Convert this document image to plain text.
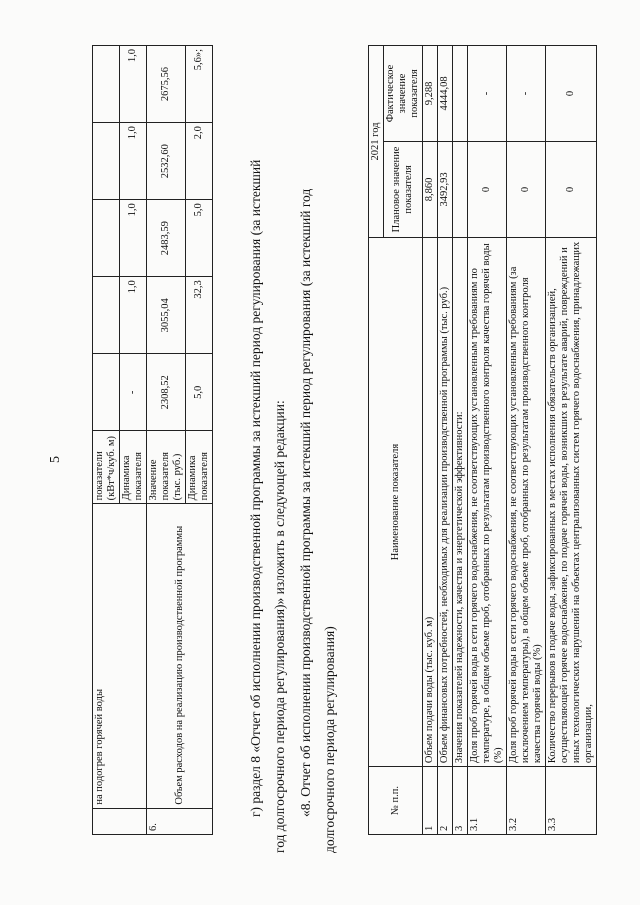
5
	на подогрев горячей воды	показатели (кВт*ч/куб. м)					
		Динамика показателя	-	1,0	1,0	1,0	1,0
6.	Объем расходов на реализацию производственной программы	Значение показателя (тыс. руб.)	2308,52	3055,04	2483,59	2532,60	2675,56
		Динамика показателя	5,0	32,3	5,0	2,0	5,6»;
г) раздел 8 «Отчет об исполнении производственной программы за истекший период регулирования (за истекший год долгосрочного периода регулирования)» изложить в следующей редакции: «8. Отчет об исполнении производственной программы за истекший период регулирования (за истекший год долгосрочного периода регулирования)	№ п.п.	Наименование показателя	2021 год	
		Плановое значение показателя	Фактическое значение показателя
1	Объем подачи воды (тыс. куб. м)	8,860	9,288
2	Объем финансовых потребностей, необходимых для реализации производственной программы (тыс. руб.)	3492,93	4444,08
3	Значения показателей надежности, качества и энергетической эффективности:		
3.1	Доля проб горячей воды в сети горячего водоснабжения, не соответствующих установленным требованиям по температуре, в общем объеме проб, отобранных по результатам производственного контроля качества горячей воды (%)	0	-
3.2	Доля проб горячей воды в сети горячего водоснабжения, не соответствующих установленным требованиям (за исключением температуры), в общем объеме проб, отобранных по результатам производственного контроля качества горячей воды (%)	0	-
3.3	Количество перерывов в подаче воды, зафиксированных в местах исполнения обязательств организацией, осуществляющей горячее водоснабжение, по подаче горячей воды, возникших в результате аварий, повреждений и иных технологических нарушений на объектах централизованных систем горячего водоснабжения, принадлежащих организации,	0	0
